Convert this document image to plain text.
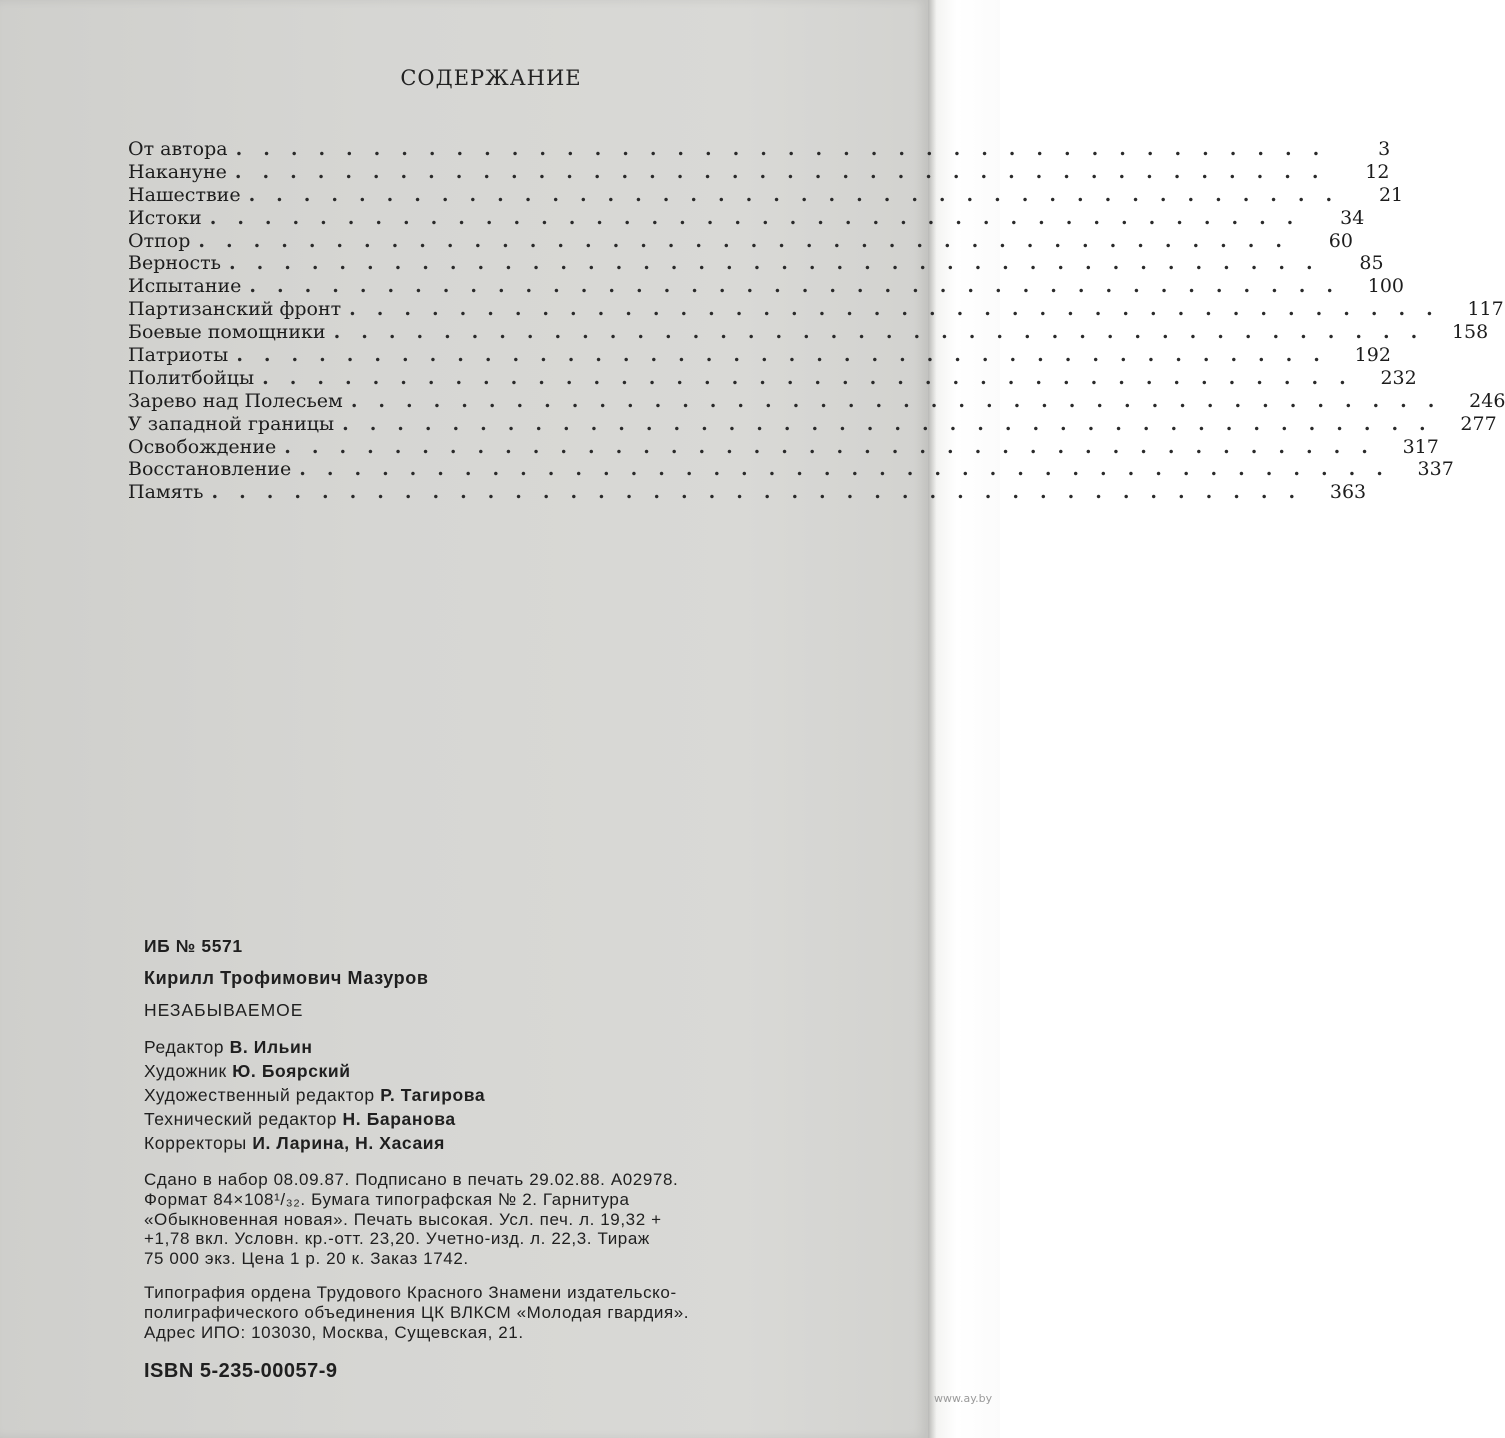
СОДЕРЖАНИЕ
От автора ........................................	3
Накануне ........................................	12
Нашествие ........................................	21
Истоки ........................................	34
Отпор ........................................	60
Верность ........................................	85
Испытание ........................................ 100
Партизанский фронт ........................................ 117
Боевые помощники ........................................ 158
Патриоты ........................................ 192
Политбойцы ........................................ 232
Зарево над Полесьем ........................................ 246
У западной границы ........................................ 277
Освобождение ........................................ 317
Восстановление ........................................ 337
Память ........................................ 363

ИБ № 5571

Кирилл Трофимович Мазуров

НЕЗАБЫВАЕМОЕ

Редактор В. Ильин

Художник Ю. Боярский

Художественный редактор Р. Тагирова

Технический редактор Н. Баранова

Корректоры И. Ларина, Н. Хасаия

Сдано в набор 08.09.87. Подписано в печать 29.02.88. А02978.

Формат 84×108¹/₃₂. Бумага типографская № 2. Гарнитура

«Обыкновенная новая». Печать высокая. Усл. печ. л. 19,32 +

+1,78 вкл. Условн. кр.-отт. 23,20. Учетно-изд. л. 22,3. Тираж

75 000 экз. Цена 1 р. 20 к. Заказ 1742.

Типография ордена Трудового Красного Знамени издательско-

полиграфического объединения ЦК ВЛКСМ «Молодая гвардия».

Адрес ИПО: 103030, Москва, Сущевская, 21.

ISBN 5-235-00057-9
www.ay.by
